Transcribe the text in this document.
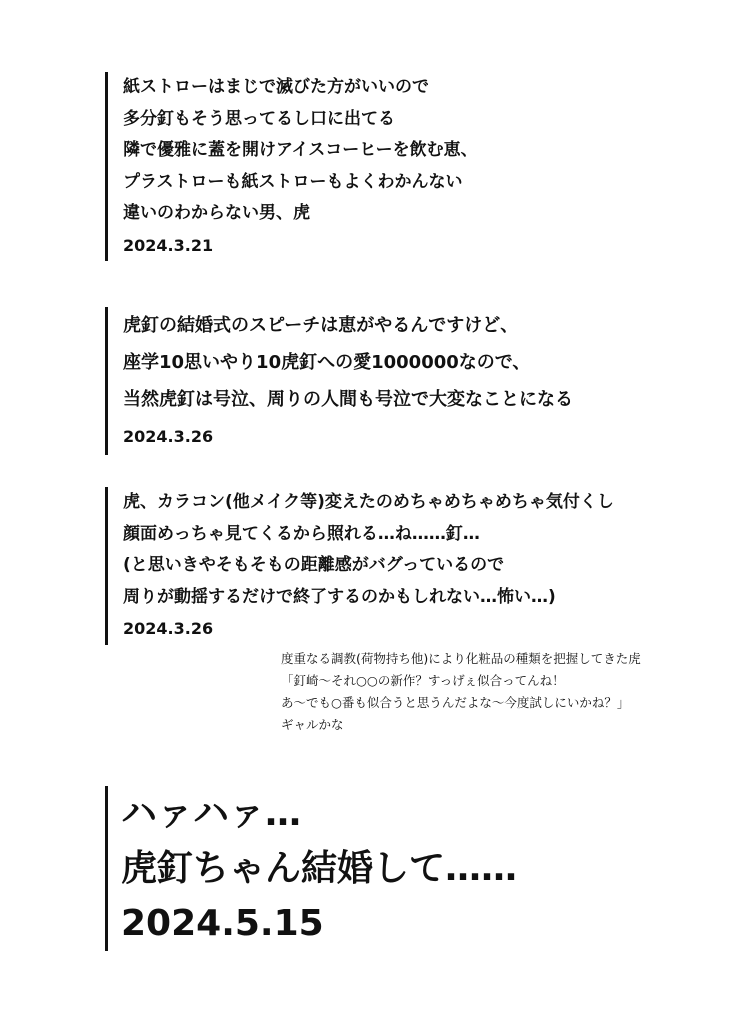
紙ストローはまじで滅びた方がいいので
多分釘もそう思ってるし口に出てる
隣で優雅に蓋を開けアイスコーヒーを飲む恵、
プラストローも紙ストローもよくわかんない
違いのわからない男、虎
2024.3.21
虎釘の結婚式のスピーチは恵がやるんですけど、
座学10思いやり10虎釘への愛1000000なので、
当然虎釘は号泣、周りの人間も号泣で大変なことになる
2024.3.26
虎、カラコン(他メイク等)変えたのめちゃめちゃめちゃ気付くし
顔面めっちゃ見てくるから照れる…ね……釘…
(と思いきやそもそもの距離感がバグっているので
周りが動揺するだけで終了するのかもしれない…怖い…)
2024.3.26
度重なる調教(荷物持ち他)により化粧品の種類を把握してきた虎
「釘崎〜それ○○の新作？すっげぇ似合ってんね！
あ〜でも○番も似合うと思うんだよな〜今度試しにいかね？」
ギャルかな
ハァハァ…
虎釘ちゃん結婚して……
2024.5.15
